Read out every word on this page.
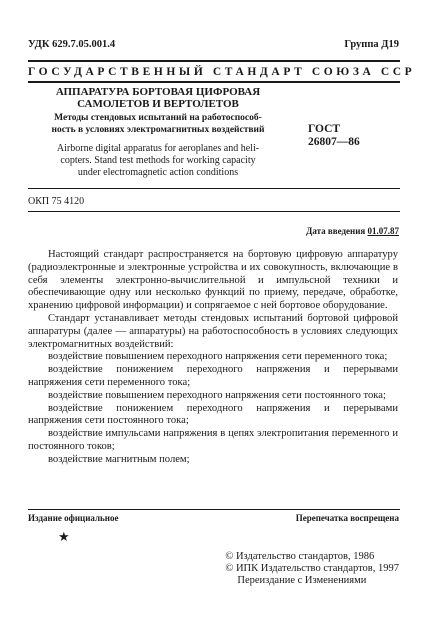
УДК 629.7.05.001.4	Группа Д19
ГОСУДАРСТВЕННЫЙ СТАНДАРТ СОЮЗА ССР
АППАРАТУРА БОРТОВАЯ ЦИФРОВАЯ
САМОЛЕТОВ И ВЕРТОЛЕТОВ
Методы стендовых испытаний на работоспособ-
ность в условиях электромагнитных воздействий
Airborne digital apparatus for aeroplanes and heli-
copters. Stand test methods for working capacity
under electromagnetic action conditions
ГОСТ
26807—86
ОКП 75 4120
Дата введения 01.07.87

Настоящий стандарт распространяется на бортовую цифровую аппаратуру (радиоэлектронные и электронные устройства и их совокупность, включающие в себя элементы электронно-вычислительной и импульсной техники и обеспечивающие одну или несколько функций по приему, передаче, обработке, хранению цифровой информации) и сопрягаемое с ней бортовое оборудование.

Стандарт устанавливает методы стендовых испытаний бортовой цифровой аппаратуры (далее — аппаратуры) на работоспособность в условиях следующих электромагнитных воздействий:

воздействие повышением переходного напряжения сети переменного тока;

воздействие понижением переходного напряжения и перерывами напряжения сети переменного тока;

воздействие повышением переходного напряжения сети постоянного тока;

воздействие понижением переходного напряжения и перерывами напряжения сети постоянного тока;

воздействие импульсами напряжения в цепях электропитания переменного и постоянного токов;

воздействие магнитным полем;

Издание официальное	Перепечатка воспрещена
★
© Издательство стандартов, 1986
© ИПК Издательство стандартов, 1997
Переиздание с Изменениями
